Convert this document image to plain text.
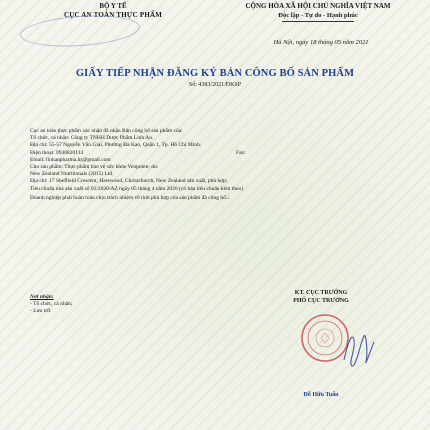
BỘ Y TẾ
CỤC AN TOÀN THỰC PHẨM
CỘNG HÒA XÃ HỘI CHỦ NGHĨA VIỆT NAM
Độc lập - Tự do - Hạnh phúc
Hà Nội, ngày 18 tháng 05 năm 2021
GIẤY TIẾP NHẬN ĐĂNG KÝ BẢN CÔNG BỐ SẢN PHẨM
Số: 4383/2021/ĐKSP

Cục an toàn thực phẩm xác nhận đã nhận Bản công bố sản phẩm của:

Tổ chức, cá nhân: Công ty TNHH Dược Phẩm Linh An.

Địa chỉ: 55-57 Nguyễn Văn Giai, Phường Đa Kao, Quận 1, Tp. Hồ Chí Minh.

Điện thoại: 0936820114	Fax:

Email: linhanpharma.hr@gmail.com

Cho sản phẩm: Thực phẩm bảo vệ sức khỏe Venpoten; do:

New Zealand Nutritionals (2015) Ltd.

Địa chỉ: 17 Sheffield Crescent, Harewood, Christchurch, New Zealand sản xuất, phù hợp:

Tiêu chuẩn nhà sản xuất số 01/2020/AZ ngày 05 tháng 4 năm 2020 (có bản tiêu chuẩn kèm theo)

Doanh nghiệp phải hoàn toàn chịu trách nhiệm về tính phù hợp của sản phẩm đã công bố./.

Nơi nhận:
- Tổ chức, cá nhân;
- Lưu trữ.
KT. CỤC TRƯỞNG
PHÓ CỤC TRƯỞNG
Đỗ Hữu Tuấn
